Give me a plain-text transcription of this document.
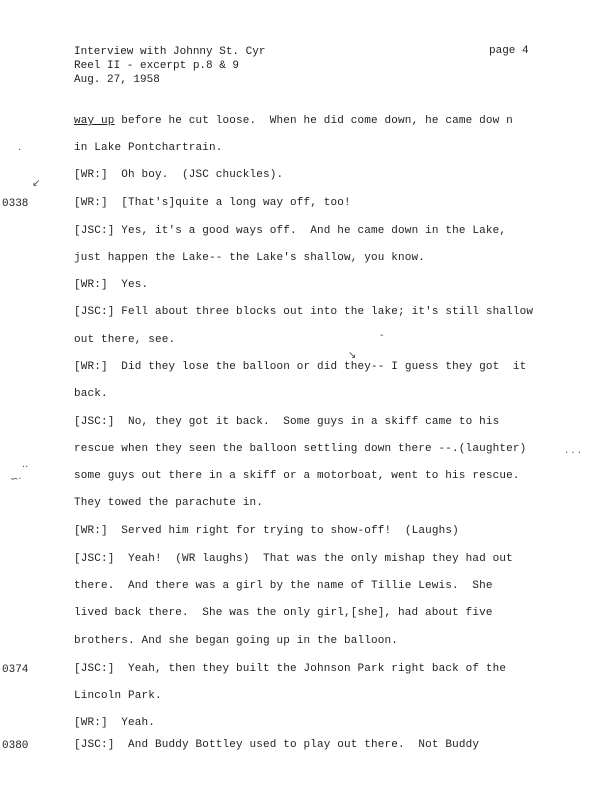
Interview with Johnny St. Cyr
Reel II - excerpt p.8 & 9
Aug. 27, 1958
page 4
0338
0374
0380
·
↙
··
∽·
· · ·
-
↘
way up before he cut loose.  When he did come down, he came dow n
in Lake Pontchartrain.
[WR:]  Oh boy.  (JSC chuckles).
[WR:]  [That's]quite a long way off, too!
[JSC:] Yes, it's a good ways off.  And he came down in the Lake,
just happen the Lake-- the Lake's shallow, you know.
[WR:]  Yes.
[JSC:] Fell about three blocks out into the lake; it's still shallow
out there, see.
[WR:]  Did they lose the balloon or did they-- I guess they got  it
back.
[JSC:]  No, they got it back.  Some guys in a skiff came to his
rescue when they seen the balloon settling down there --.(laughter)
some guys out there in a skiff or a motorboat, went to his rescue.
They towed the parachute in.
[WR:]  Served him right for trying to show-off!  (Laughs)
[JSC:]  Yeah!  (WR laughs)  That was the only mishap they had out
there.  And there was a girl by the name of Tillie Lewis.  She
lived back there.  She was the only girl,[she], had about five
brothers. And she began going up in the balloon.
[JSC:]  Yeah, then they built the Johnson Park right back of the
Lincoln Park.
[WR:]  Yeah.
[JSC:]  And Buddy Bottley used to play out there.  Not Buddy
